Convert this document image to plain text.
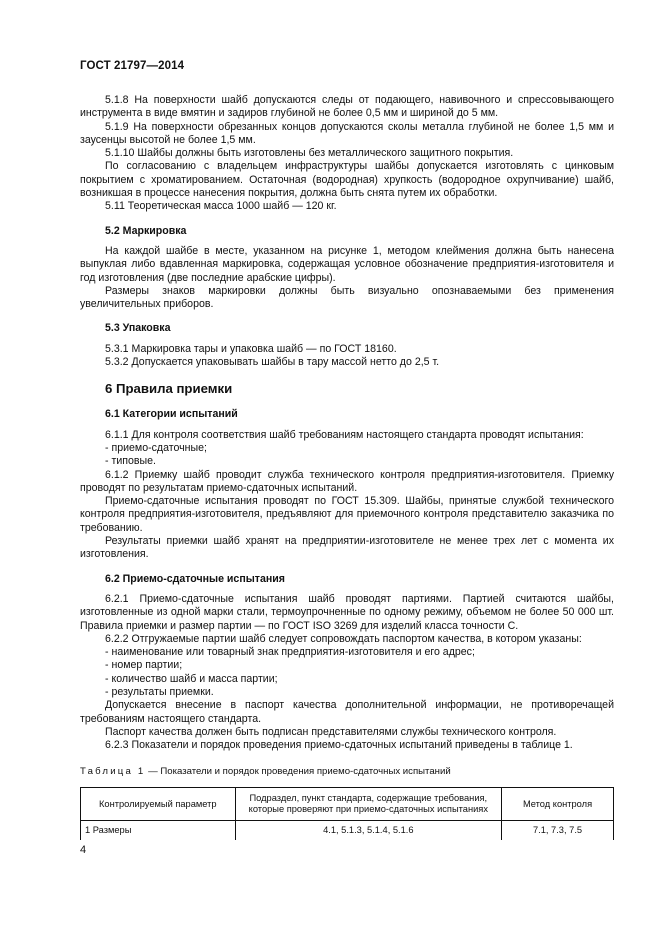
ГОСТ 21797—2014

5.1.8 На поверхности шайб допускаются следы от подающего, навивочного и спрессовывающего инструмента в виде вмятин и задиров глубиной не более 0,5 мм и шириной до 5 мм.

5.1.9 На поверхности обрезанных концов допускаются сколы металла глубиной не более 1,5 мм и заусенцы высотой не более 1,5 мм.

5.1.10 Шайбы должны быть изготовлены без металлического защитного покрытия.

По согласованию с владельцем инфраструктуры шайбы допускается изготовлять с цинковым покрытием с хроматированием. Остаточная (водородная) хрупкость (водородное охрупчивание) шайб, возникшая в процессе нанесения покрытия, должна быть снята путем их обработки.

5.11 Теоретическая масса 1000 шайб — 120 кг.

5.2 Маркировка

На каждой шайбе в месте, указанном на рисунке 1, методом клеймения должна быть нанесена выпуклая либо вдавленная маркировка, содержащая условное обозначение предприятия-изготовителя и год изготовления (две последние арабские цифры).

Размеры знаков маркировки должны быть визуально опознаваемыми без применения увеличительных приборов.

5.3 Упаковка

5.3.1 Маркировка тары и упаковка шайб — по ГОСТ 18160.

5.3.2 Допускается упаковывать шайбы в тару массой нетто до 2,5 т.

6 Правила приемки
6.1 Категории испытаний

6.1.1 Для контроля соответствия шайб требованиям настоящего стандарта проводят испытания:

- приемо-сдаточные;

- типовые.

6.1.2 Приемку шайб проводит служба технического контроля предприятия-изготовителя. Приемку проводят по результатам приемо-сдаточных испытаний.

Приемо-сдаточные испытания проводят по ГОСТ 15.309. Шайбы, принятые службой технического контроля предприятия-изготовителя, предъявляют для приемочного контроля представителю заказчика по требованию.

Результаты приемки шайб хранят на предприятии-изготовителе не менее трех лет с момента их изготовления.

6.2 Приемо-сдаточные испытания

6.2.1 Приемо-сдаточные испытания шайб проводят партиями. Партией считаются шайбы, изготовленные из одной марки стали, термоупрочненные по одному режиму, объемом не более 50 000 шт. Правила приемки и размер партии — по ГОСТ ISO 3269 для изделий класса точности С.

6.2.2 Отгружаемые партии шайб следует сопровождать паспортом качества, в котором указаны:

- наименование или товарный знак предприятия-изготовителя и его адрес;

- номер партии;

- количество шайб и масса партии;

- результаты приемки.

Допускается внесение в паспорт качества дополнительной информации, не противоречащей требованиям настоящего стандарта.

Паспорт качества должен быть подписан представителями службы технического контроля.

6.2.3 Показатели и порядок проведения приемо-сдаточных испытаний приведены в таблице 1.

Таблица 1 — Показатели и порядок проведения приемо-сдаточных испытаний
Контролируемый параметр	Подраздел, пункт стандарта, содержащие требования, которые проверяют при приемо-сдаточных испытаниях	Метод контроля
1 Размеры	4.1, 5.1.3, 5.1.4, 5.1.6	7.1, 7.3, 7.5
4
